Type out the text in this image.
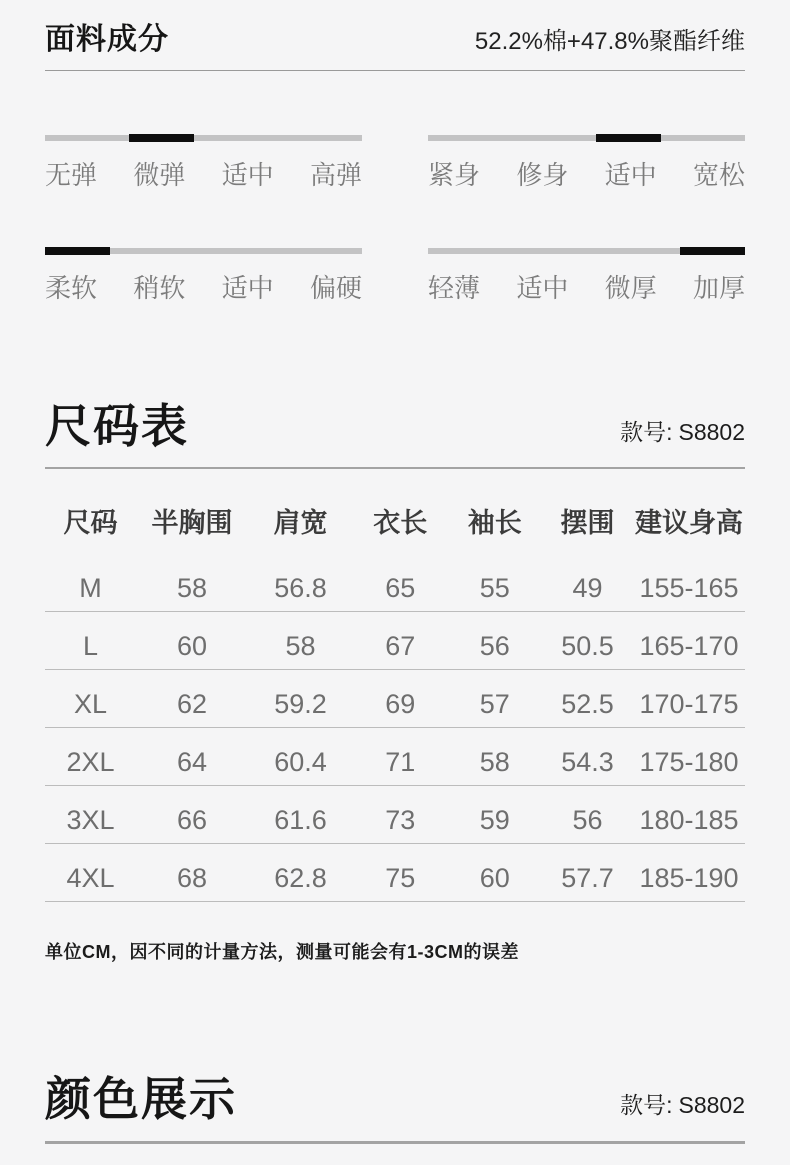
面料成分	52.2%棉+47.8%聚酯纤维
无弹 微弹 适中 高弹	紧身 修身 适中 宽松
柔软 稍软 适中 偏硬	轻薄 适中 微厚 加厚
尺码表	款号: S8802
尺码	半胸围	肩宽	衣长	袖长	摆围	建议身高
M	58	56.8	65	55	49	155-165
L	60	58	67	56	50.5	165-170
XL	62	59.2	69	57	52.5	170-175
2XL	64	60.4	71	58	54.3	175-180
3XL	66	61.6	73	59	56	180-185
4XL	68	62.8	75	60	57.7	185-190
单位CM，因不同的计量方法，测量可能会有1-3CM的误差
颜色展示	款号: S8802
